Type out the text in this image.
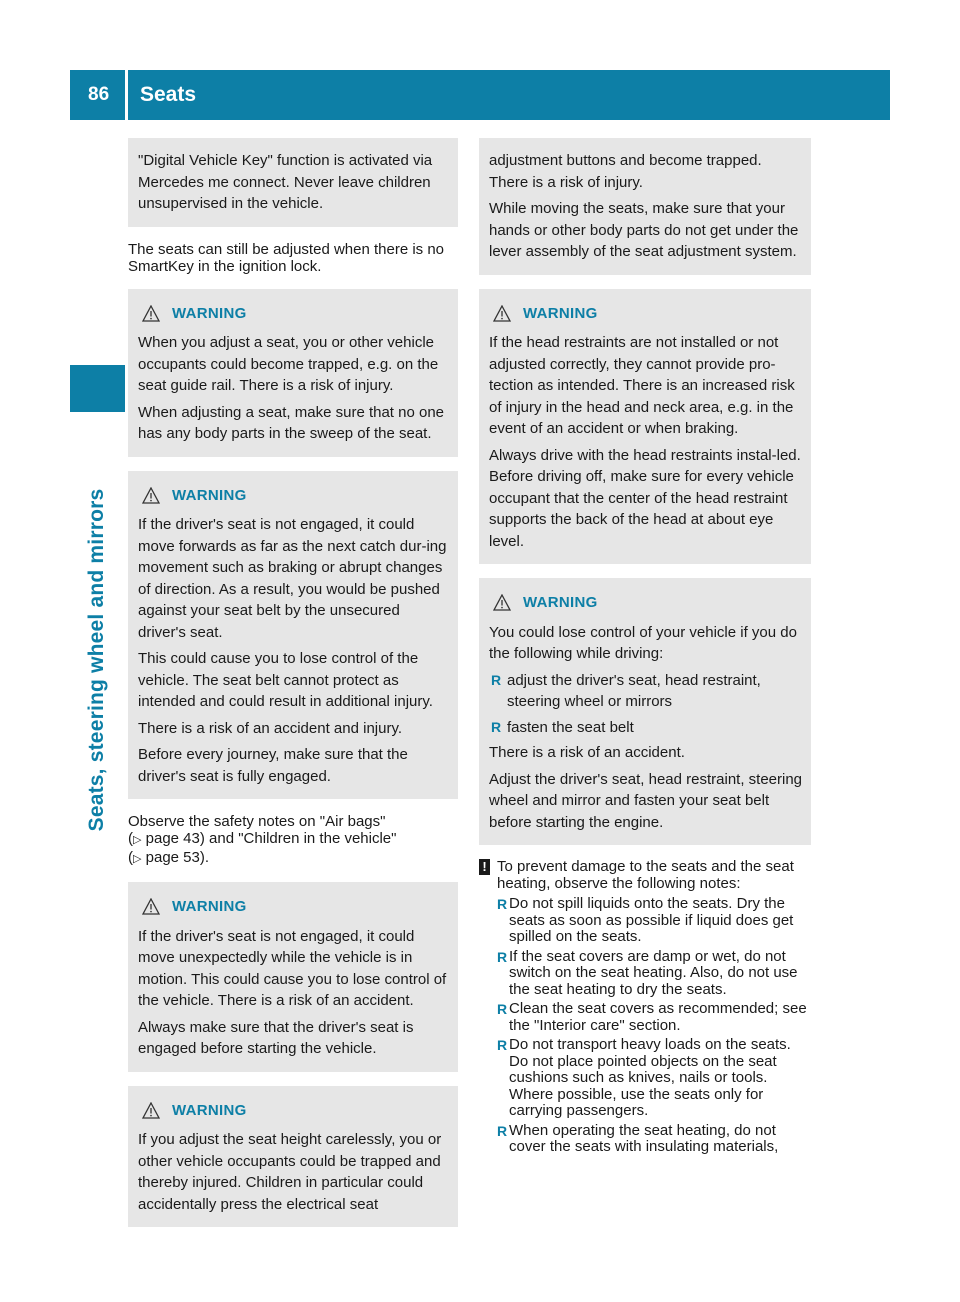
86 Seats
Seats, steering wheel and mirrors

"Digital Vehicle Key" function is activated via Mercedes me connect. Never leave children unsupervised in the vehicle.

The seats can still be adjusted when there is no SmartKey in the ignition lock.

WARNING

When you adjust a seat, you or other vehicle occupants could become trapped, e.g. on the seat guide rail. There is a risk of injury.

When adjusting a seat, make sure that no one has any body parts in the sweep of the seat.

WARNING

If the driver's seat is not engaged, it could move forwards as far as the next catch dur-ing movement such as braking or abrupt changes of direction. As a result, you would be pushed against your seat belt by the unsecured driver's seat.

This could cause you to lose control of the vehicle. The seat belt cannot protect as intended and could result in additional injury.

There is a risk of an accident and injury.

Before every journey, make sure that the driver's seat is fully engaged.

Observe the safety notes on "Air bags"
(▷ page 43) and "Children in the vehicle"
(▷ page 53).

WARNING

If the driver's seat is not engaged, it could move unexpectedly while the vehicle is in motion. This could cause you to lose control of the vehicle. There is a risk of an accident.

Always make sure that the driver's seat is engaged before starting the vehicle.

WARNING

If you adjust the seat height carelessly, you or other vehicle occupants could be trapped and thereby injured. Children in particular could accidentally press the electrical seat

adjustment buttons and become trapped. There is a risk of injury.

While moving the seats, make sure that your hands or other body parts do not get under the lever assembly of the seat adjustment system.

WARNING

If the head restraints are not installed or not adjusted correctly, they cannot provide pro-tection as intended. There is an increased risk of injury in the head and neck area, e.g. in the event of an accident or when braking.

Always drive with the head restraints instal-led. Before driving off, make sure for every vehicle occupant that the center of the head restraint supports the back of the head at about eye level.

WARNING

You could lose control of your vehicle if you do the following while driving:

R adjust the driver's seat, head restraint, steering wheel or mirrors
R fasten the seat belt

There is a risk of an accident.

Adjust the driver's seat, head restraint, steering wheel and mirror and fasten your seat belt before starting the engine.

! To prevent damage to the seats and the seat heating, observe the following notes:
R Do not spill liquids onto the seats. Dry the seats as soon as possible if liquid does get spilled on the seats.
R If the seat covers are damp or wet, do not switch on the seat heating. Also, do not use the seat heating to dry the seats.
R Clean the seat covers as recommended; see the "Interior care" section.
R Do not transport heavy loads on the seats. Do not place pointed objects on the seat cushions such as knives, nails or tools. Where possible, use the seats only for carrying passengers.
R When operating the seat heating, do not cover the seats with insulating materials,
